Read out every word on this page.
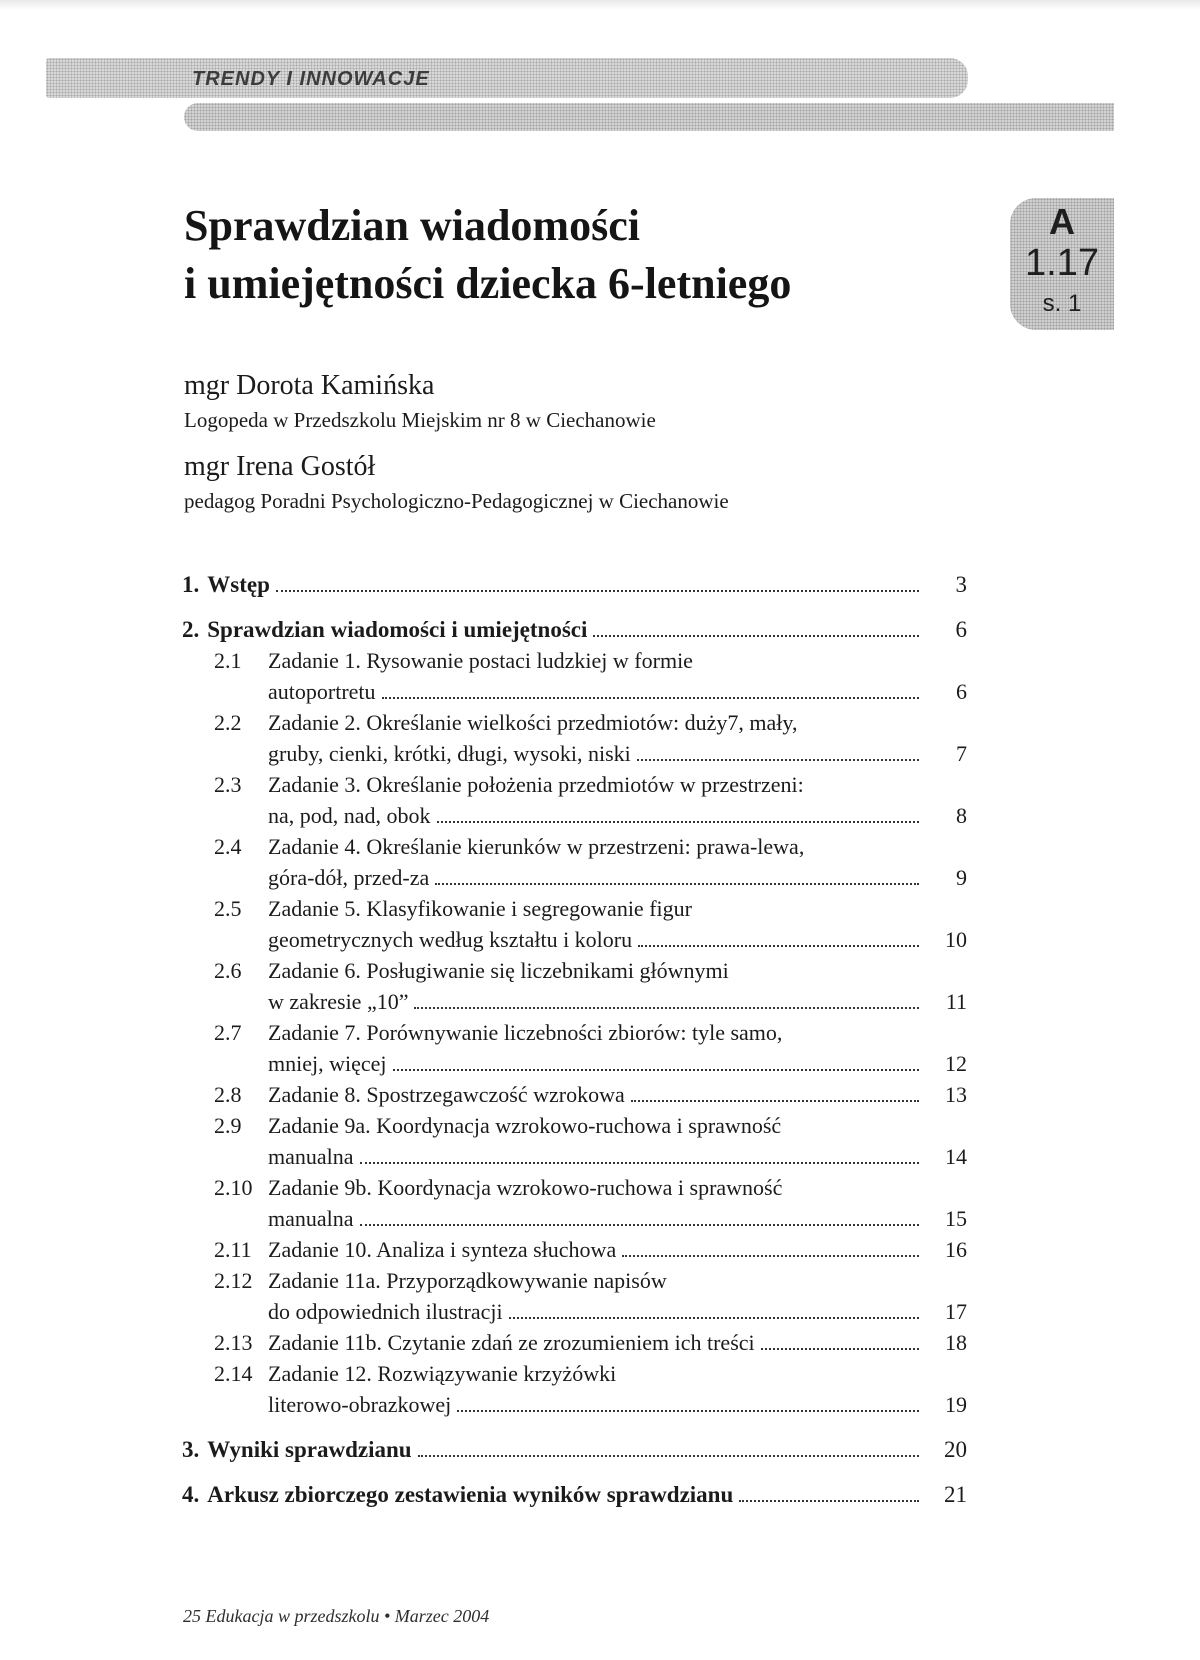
TRENDY I INNOWACJE
A
1.17
s. 1
Sprawdzian wiadomości
i umiejętności dziecka 6-letniego
mgr Dorota Kamińska
Logopeda w Przedszkolu Miejskim nr 8 w Ciechanowie
mgr Irena Gostół
pedagog Poradni Psychologiczno-Pedagogicznej w Ciechanowie
1. Wstęp	3
2. Sprawdzian wiadomości i umiejętności	6
2.1	Zadanie 1. Rysowanie postaci ludzkiej w formie
autoportretu	6
2.2	Zadanie 2. Określanie wielkości przedmiotów: duży7, mały,
gruby, cienki, krótki, długi, wysoki, niski	7
2.3	Zadanie 3. Określanie położenia przedmiotów w przestrzeni:
na, pod, nad, obok	8
2.4	Zadanie 4. Określanie kierunków w przestrzeni: prawa-lewa,
góra-dół, przed-za	9
2.5	Zadanie 5. Klasyfikowanie i segregowanie figur
geometrycznych według kształtu i koloru	10
2.6	Zadanie 6. Posługiwanie się liczebnikami głównymi
w zakresie „10”	11
2.7	Zadanie 7. Porównywanie liczebności zbiorów: tyle samo,
mniej, więcej	12
2.8	Zadanie 8. Spostrzegawczość wzrokowa	13
2.9	Zadanie 9a. Koordynacja wzrokowo-ruchowa i sprawność
manualna	14
2.10 Zadanie 9b. Koordynacja wzrokowo-ruchowa i sprawność
manualna	15
2.11 Zadanie 10. Analiza i synteza słuchowa	16
2.12 Zadanie 11a. Przyporządkowywanie napisów
do odpowiednich ilustracji	17
2.13 Zadanie 11b. Czytanie zdań ze zrozumieniem ich treści	18
2.14 Zadanie 12. Rozwiązywanie krzyżówki
literowo-obrazkowej	19
3. Wyniki sprawdzianu	20
4. Arkusz zbiorczego zestawienia wyników sprawdzianu	21
25 Edukacja w przedszkolu • Marzec 2004
